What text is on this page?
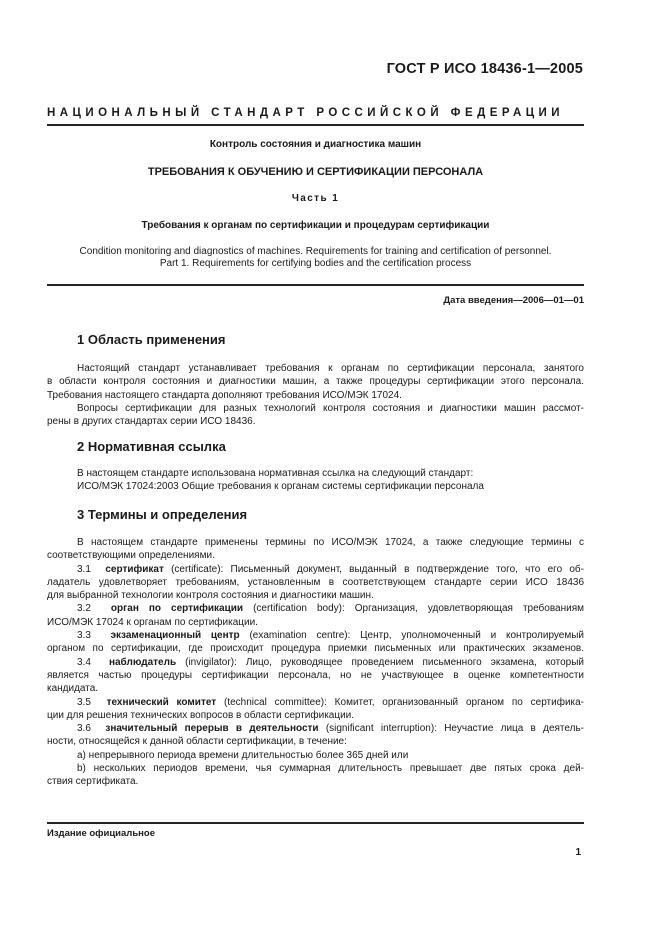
ГОСТ Р ИСО 18436-1—2005
НАЦИОНАЛЬНЫЙ СТАНДАРТ РОССИЙСКОЙ ФЕДЕРАЦИИ
Контроль состояния и диагностика машин
ТРЕБОВАНИЯ К ОБУЧЕНИЮ И СЕРТИФИКАЦИИ ПЕРСОНАЛА
Часть 1
Требования к органам по сертификации и процедурам сертификации
Condition monitoring and diagnostics of machines. Requirements for training and certification of personnel.
Part 1. Requirements for certifying bodies and the certification process
Дата введения—2006—01—01
1 Область применения
Настоящий стандарт устанавливает требования к органам по сертификации персонала, занятого
в области контроля состояния и диагностики машин, а также процедуры сертификации этого персонала.
Требования настоящего стандарта дополняют требования ИСО/МЭК 17024.
Вопросы сертификации для разных технологий контроля состояния и диагностики машин рассмот-
рены в других стандартах серии ИСО 18436.
2 Нормативная ссылка
В настоящем стандарте использована нормативная ссылка на следующий стандарт:
ИСО/МЭК 17024:2003 Общие требования к органам системы сертификации персонала
3 Термины и определения
В настоящем стандарте применены термины по ИСО/МЭК 17024, а также следующие термины с
соответствующими определениями.
3.1 сертификат (certificate): Письменный документ, выданный в подтверждение того, что его об-
ладатель удовлетворяет требованиям, установленным в соответствующем стандарте серии ИСО 18436
для выбранной технологии контроля состояния и диагностики машин.
3.2 орган по сертификации (certification body): Организация, удовлетворяющая требованиям
ИСО/МЭК 17024 к органам по сертификации.
3.3 экзаменационный центр (examination centre): Центр, уполномоченный и контролируемый
органом по сертификации, где происходит процедура приемки письменных или практических экзаменов.
3.4 наблюдатель (invigilator): Лицо, руководящее проведением письменного экзамена, который
является частью процедуры сертификации персонала, но не участвующее в оценке компетентности
кандидата.
3.5 технический комитет (technical committee): Комитет, организованный органом по сертифика-
ции для решения технических вопросов в области сертификации.
3.6 значительный перерыв в деятельности (significant interruption): Неучастие лица в деятель-
ности, относящейся к данной области сертификации, в течение:
a) непрерывного периода времени длительностью более 365 дней или
b) нескольких периодов времени, чья суммарная длительность превышает две пятых срока дей-
ствия сертификата.
Издание официальное
1
